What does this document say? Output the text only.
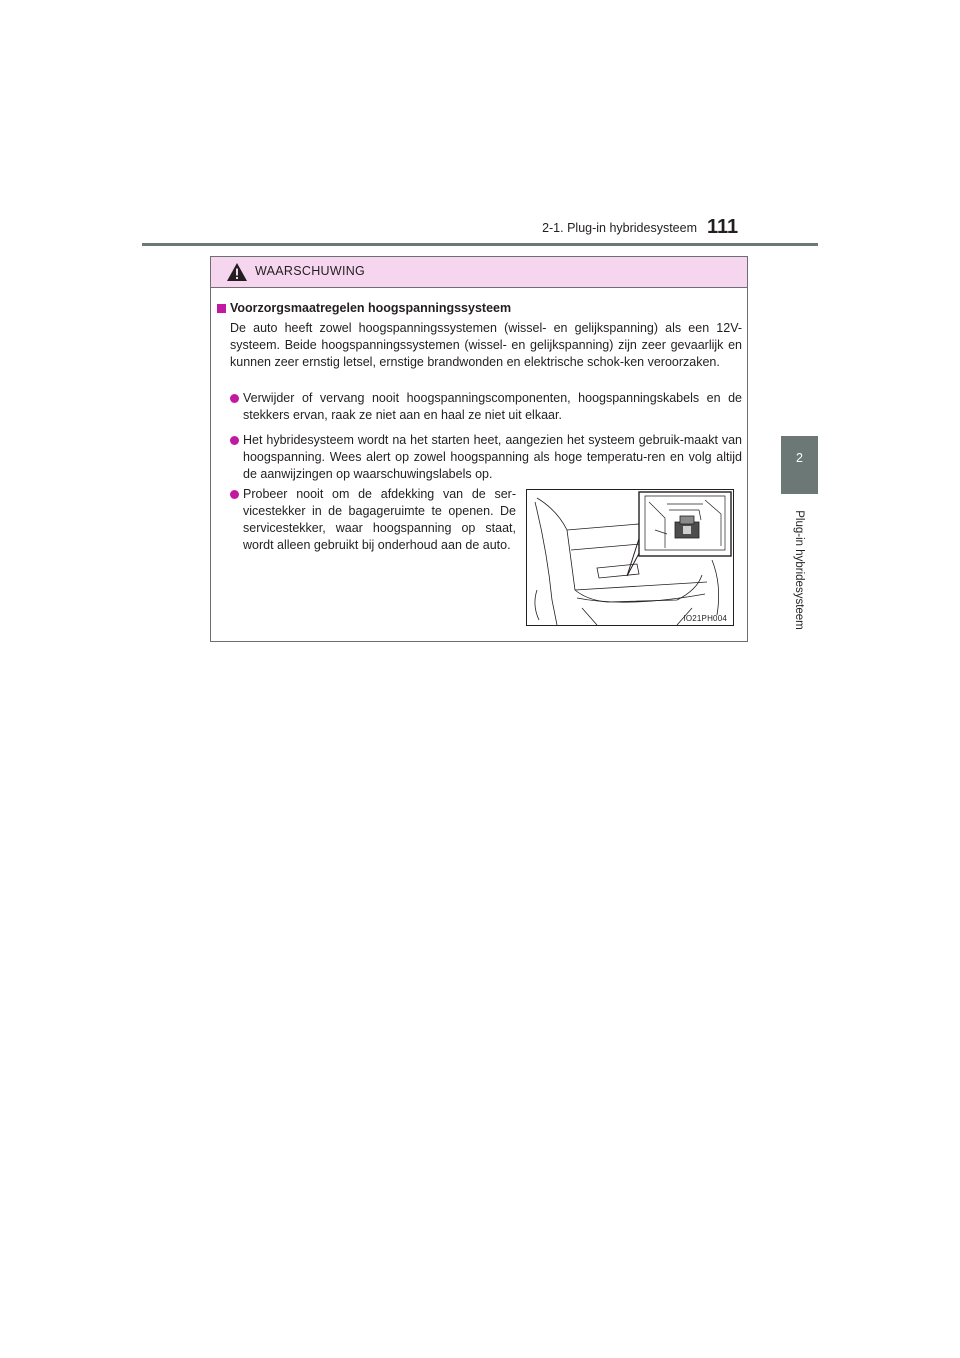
2-1. Plug-in hybridesysteem 111
2
Plug-in hybridesysteem
WAARSCHUWING
Voorzorgsmaatregelen hoogspanningssysteem
De auto heeft zowel hoogspanningssystemen (wissel- en gelijkspanning) als een 12V-systeem. Beide hoogspanningssystemen (wissel- en gelijkspanning) zijn zeer gevaarlijk en kunnen zeer ernstig letsel, ernstige brandwonden en elektrische schok-ken veroorzaken.
Verwijder of vervang nooit hoogspanningscomponenten, hoogspanningskabels en de stekkers ervan, raak ze niet aan en haal ze niet uit elkaar.
Het hybridesysteem wordt na het starten heet, aangezien het systeem gebruik-maakt van hoogspanning. Wees alert op zowel hoogspanning als hoge temperatu-ren en volg altijd de aanwijzingen op waarschuwingslabels op.
Probeer nooit om de afdekking van de ser-vicestekker in de bagageruimte te openen. De servicestekker, waar hoogspanning op staat, wordt alleen gebruikt bij onderhoud aan de auto.
IO21PH004
